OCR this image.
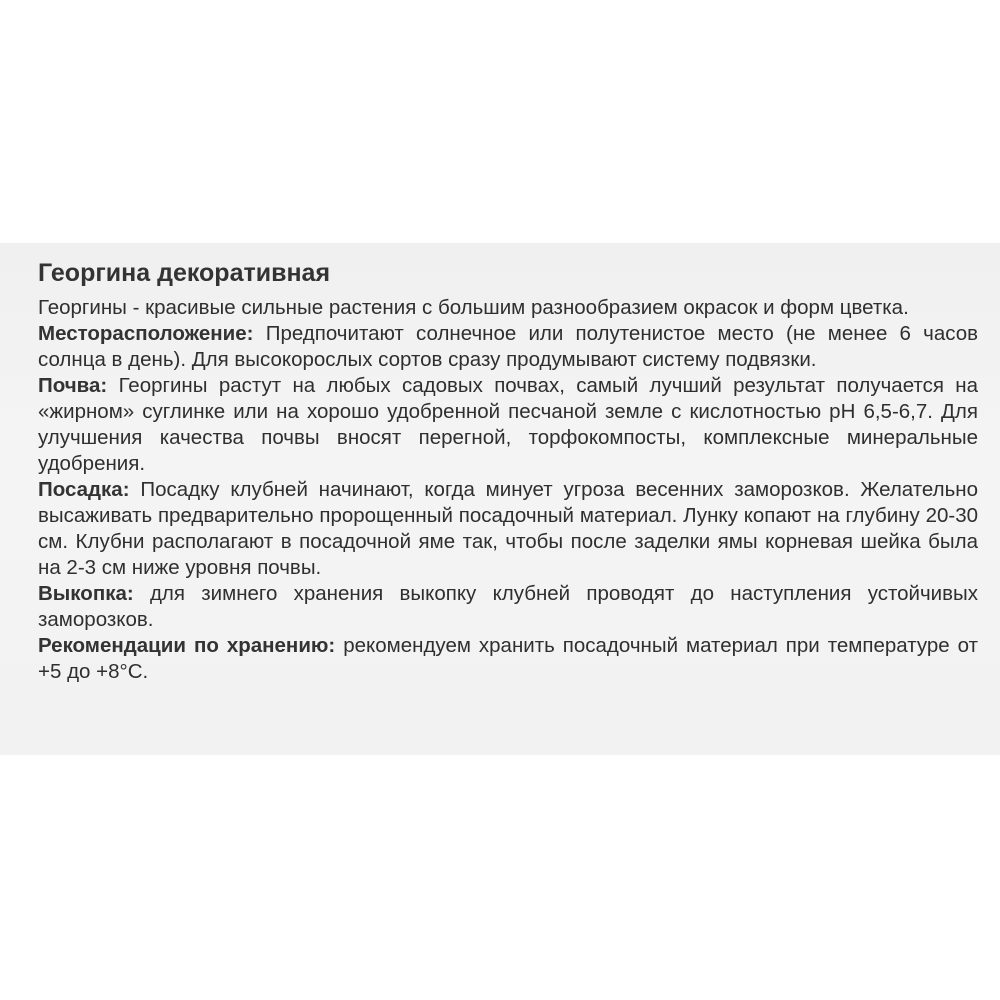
Георгина декоративная

Георгины - красивые сильные растения с большим разнообразием окрасок и форм цветка.

Месторасположение: Предпочитают солнечное или полутенистое место (не менее 6 часов солнца в день). Для высокорослых сортов сразу продумывают систему подвязки.

Почва: Георгины растут на любых садовых почвах, самый лучший результат получается на «жирном» суглинке или на хорошо удобренной песчаной земле с кислотностью pH 6,5-6,7. Для улучшения качества почвы вносят перегной, торфокомпосты, комплексные минеральные удобрения.

Посадка: Посадку клубней начинают, когда минует угроза весенних заморозков. Желательно высаживать предварительно пророщенный посадочный материал. Лунку копают на глубину 20-30 см. Клубни располагают в посадочной яме так, чтобы после заделки ямы корневая шейка была на 2-3 см ниже уровня почвы.

Выкопка: для зимнего хранения выкопку клубней проводят до наступления устойчивых заморозков.

Рекомендации по хранению: рекомендуем хранить посадочный материал при температуре от +5 до +8°С.
